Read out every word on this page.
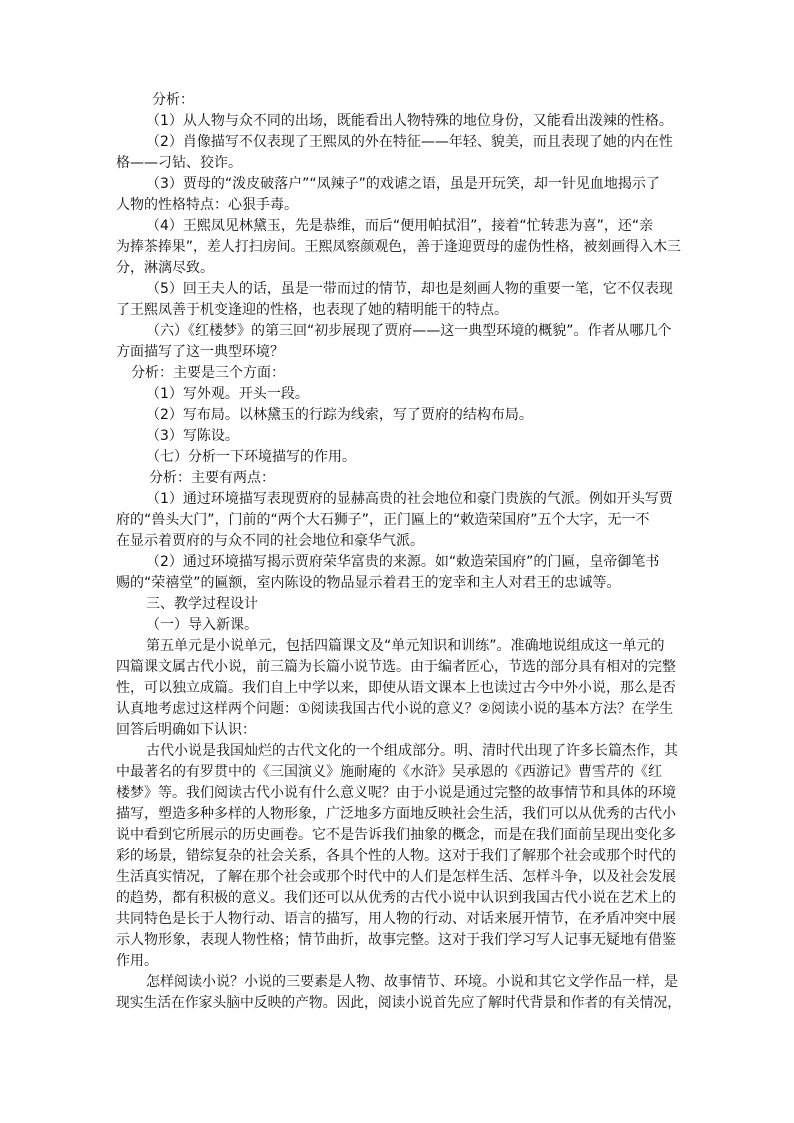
分析：
（1）从人物与众不同的出场，既能看出人物特殊的地位身份，又能看出泼辣的性格。
（2）肖像描写不仅表现了王熙凤的外在特征——年轻、貌美，而且表现了她的内在性
格——刁钻、狡诈。
（3）贾母的“泼皮破落户”“凤辣子”的戏谑之语，虽是开玩笑，却一针见血地揭示了
人物的性格特点：心狠手毒。
（4）王熙凤见林黛玉，先是恭维，而后“便用帕拭泪”，接着“忙转悲为喜”，还“亲
为捧茶捧果”，差人打扫房间。王熙凤察颜观色，善于逢迎贾母的虚伪性格，被刻画得入木三
分，淋漓尽致。
（5）回王夫人的话，虽是一带而过的情节，却也是刻画人物的重要一笔，它不仅表现
了王熙凤善于机变逢迎的性格，也表现了她的精明能干的特点。
（六）《红楼梦》的第三回“初步展现了贾府——这一典型环境的概貌”。作者从哪几个
方面描写了这一典型环境？
分析：主要是三个方面：
（1）写外观。开头一段。
（2）写布局。以林黛玉的行踪为线索，写了贾府的结构布局。
（3）写陈设。
（七）分析一下环境描写的作用。
分析：主要有两点：
（1）通过环境描写表现贾府的显赫高贵的社会地位和豪门贵族的气派。例如开头写贾
府的“兽头大门”，门前的“两个大石狮子”，正门匾上的“敕造荣国府”五个大字，无一不
在显示着贾府的与众不同的社会地位和豪华气派。
（2）通过环境描写揭示贾府荣华富贵的来源。如“敕造荣国府”的门匾，皇帝御笔书
赐的“荣禧堂”的匾额，室内陈设的物品显示着君王的宠幸和主人对君王的忠诚等。
三、教学过程设计
（一）导入新课。
第五单元是小说单元，包括四篇课文及“单元知识和训练”。准确地说组成这一单元的
四篇课文属古代小说，前三篇为长篇小说节选。由于编者匠心，节选的部分具有相对的完整
性，可以独立成篇。我们自上中学以来，即使从语文课本上也读过古今中外小说，那么是否
认真地考虑过这样两个问题：①阅读我国古代小说的意义？②阅读小说的基本方法？在学生
回答后明确如下认识：
古代小说是我国灿烂的古代文化的一个组成部分。明、清时代出现了许多长篇杰作，其
中最著名的有罗贯中的《三国演义》施耐庵的《水浒》吴承恩的《西游记》曹雪芹的《红
楼梦》等。我们阅读古代小说有什么意义呢？由于小说是通过完整的故事情节和具体的环境
描写，塑造多种多样的人物形象，广泛地多方面地反映社会生活，我们可以从优秀的古代小
说中看到它所展示的历史画卷。它不是告诉我们抽象的概念，而是在我们面前呈现出变化多
彩的场景，错综复杂的社会关系，各具个性的人物。这对于我们了解那个社会或那个时代的
生活真实情况，了解在那个社会或那个时代中的人们是怎样生活、怎样斗争，以及社会发展
的趋势，都有积极的意义。我们还可以从优秀的古代小说中认识到我国古代小说在艺术上的
共同特色是长于人物行动、语言的描写，用人物的行动、对话来展开情节，在矛盾冲突中展
示人物形象，表现人物性格；情节曲折，故事完整。这对于我们学习写人记事无疑地有借鉴
作用。
怎样阅读小说？小说的三要素是人物、故事情节、环境。小说和其它文学作品一样，是
现实生活在作家头脑中反映的产物。因此，阅读小说首先应了解时代背景和作者的有关情况，
